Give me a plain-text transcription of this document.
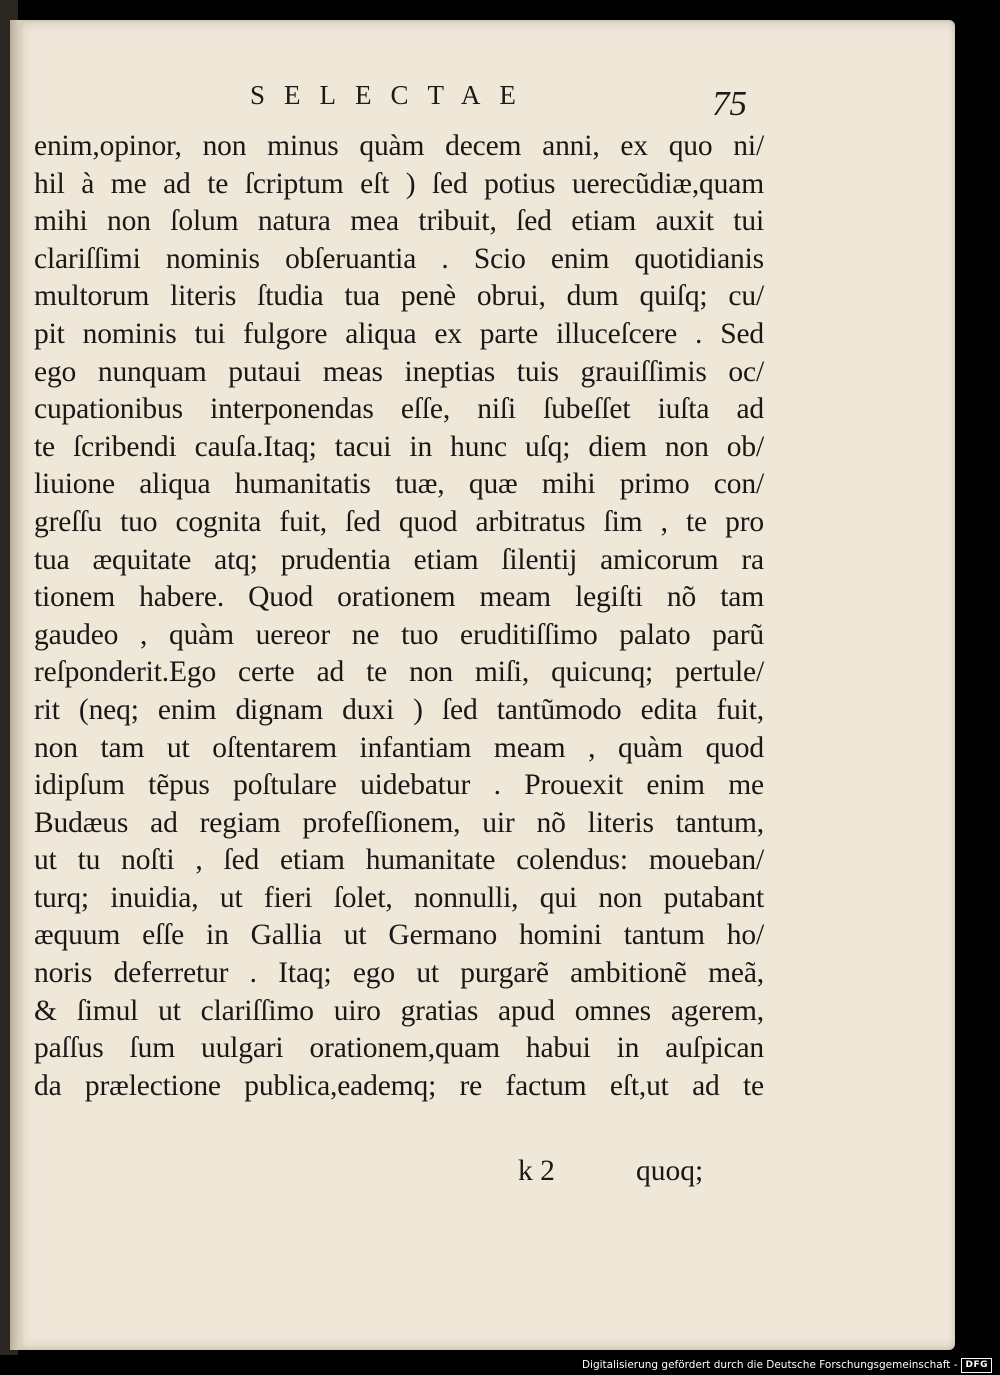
SELECTAE	75
enim,opinor, non minus quàm decem anni, ex quo ni/
hil à me ad te ſcriptum eſt ) ſed potius uerecũdiæ,quam
mihi non ſolum natura mea tribuit, ſed etiam auxit tui
clariſſimi nominis obſeruantia . Scio enim quotidianis
multorum literis ſtudia tua penè obrui, dum quiſq; cu/
pit nominis tui fulgore aliqua ex parte illuceſcere . Sed
ego nunquam putaui meas ineptias tuis grauiſſimis oc/
cupationibus interponendas eſſe, niſi ſubeſſet iuſta ad
te ſcribendi cauſa.Itaq; tacui in hunc uſq; diem non ob/
liuione aliqua humanitatis tuæ, quæ mihi primo con/
greſſu tuo cognita fuit, ſed quod arbitratus ſim , te pro
tua æquitate atq; prudentia etiam ſilentij amicorum ra
tionem habere. Quod orationem meam legiſti nõ tam
gaudeo , quàm uereor ne tuo eruditiſſimo palato parũ
reſponderit.Ego certe ad te non miſi, quicunq; pertule/
rit (neq; enim dignam duxi ) ſed tantũmodo edita fuit,
non tam ut oſtentarem infantiam meam , quàm quod
idipſum tẽpus poſtulare uidebatur . Prouexit enim me
Budæus ad regiam profeſſionem, uir nõ literis tantum,
ut tu noſti , ſed etiam humanitate colendus: moueban/
turq; inuidia, ut fieri ſolet, nonnulli, qui non putabant
æquum eſſe in Gallia ut Germano homini tantum ho/
noris deferretur . Itaq; ego ut purgarẽ ambitionẽ meã,
& ſimul ut clariſſimo uiro gratias apud omnes agerem,
paſſus ſum uulgari orationem,quam habui in auſpican
da prælectione publica,eademq; re factum eſt,ut ad te
k 2	quoq;
Digitalisierung gefördert durch die Deutsche Forschungsgemeinschaft - DFG
